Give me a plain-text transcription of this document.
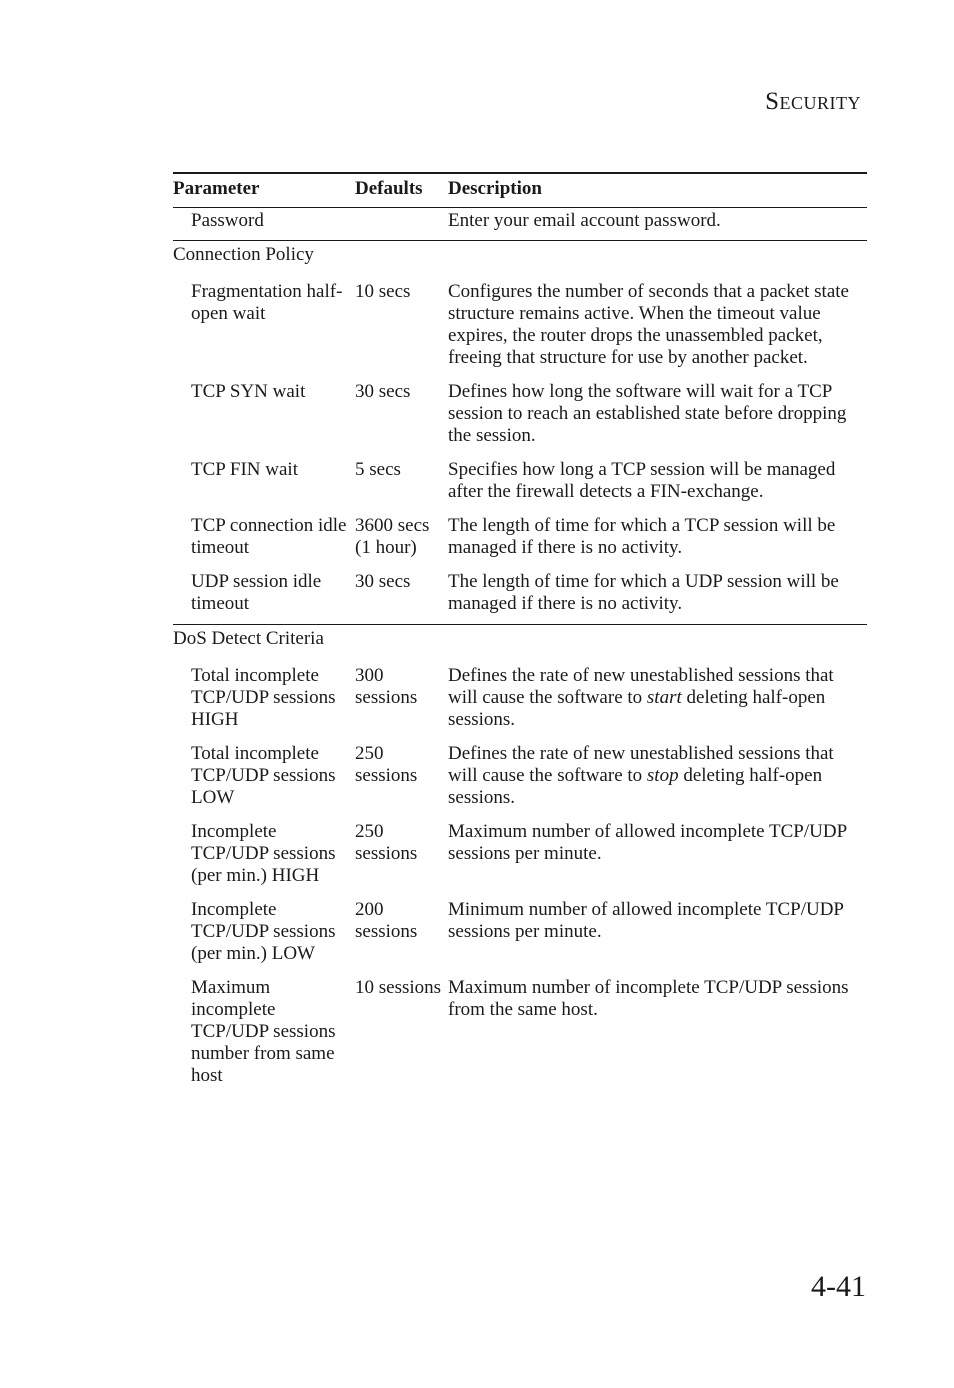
SECURITY
Parameter	Defaults	Description
Password		Enter your email account password.
Connection Policy		
Fragmentation half-open wait	10 secs	Configures the number of seconds that a packet state structure remains active. When the timeout value expires, the router drops the unassembled packet, freeing that structure for use by another packet.
TCP SYN wait	30 secs	Defines how long the software will wait for a TCP session to reach an established state before dropping the session.
TCP FIN wait	5 secs	Specifies how long a TCP session will be managed after the firewall detects a FIN-exchange.
TCP connection idle timeout	3600 secs (1 hour)	The length of time for which a TCP session will be managed if there is no activity.
UDP session idle timeout	30 secs	The length of time for which a UDP session will be managed if there is no activity.
DoS Detect Criteria		
Total incomplete TCP/UDP sessions HIGH	300 sessions	Defines the rate of new unestablished sessions that will cause the software to start deleting half-open sessions.
Total incomplete TCP/UDP sessions LOW	250 sessions	Defines the rate of new unestablished sessions that will cause the software to stop deleting half-open sessions.
Incomplete TCP/UDP sessions (per min.) HIGH	250 sessions	Maximum number of allowed incomplete TCP/UDP sessions per minute.
Incomplete TCP/UDP sessions (per min.) LOW	200 sessions	Minimum number of allowed incomplete TCP/UDP sessions per minute.
Maximum incomplete TCP/UDP sessions number from same host	10 sessions	Maximum number of incomplete TCP/UDP sessions from the same host.
4-41
